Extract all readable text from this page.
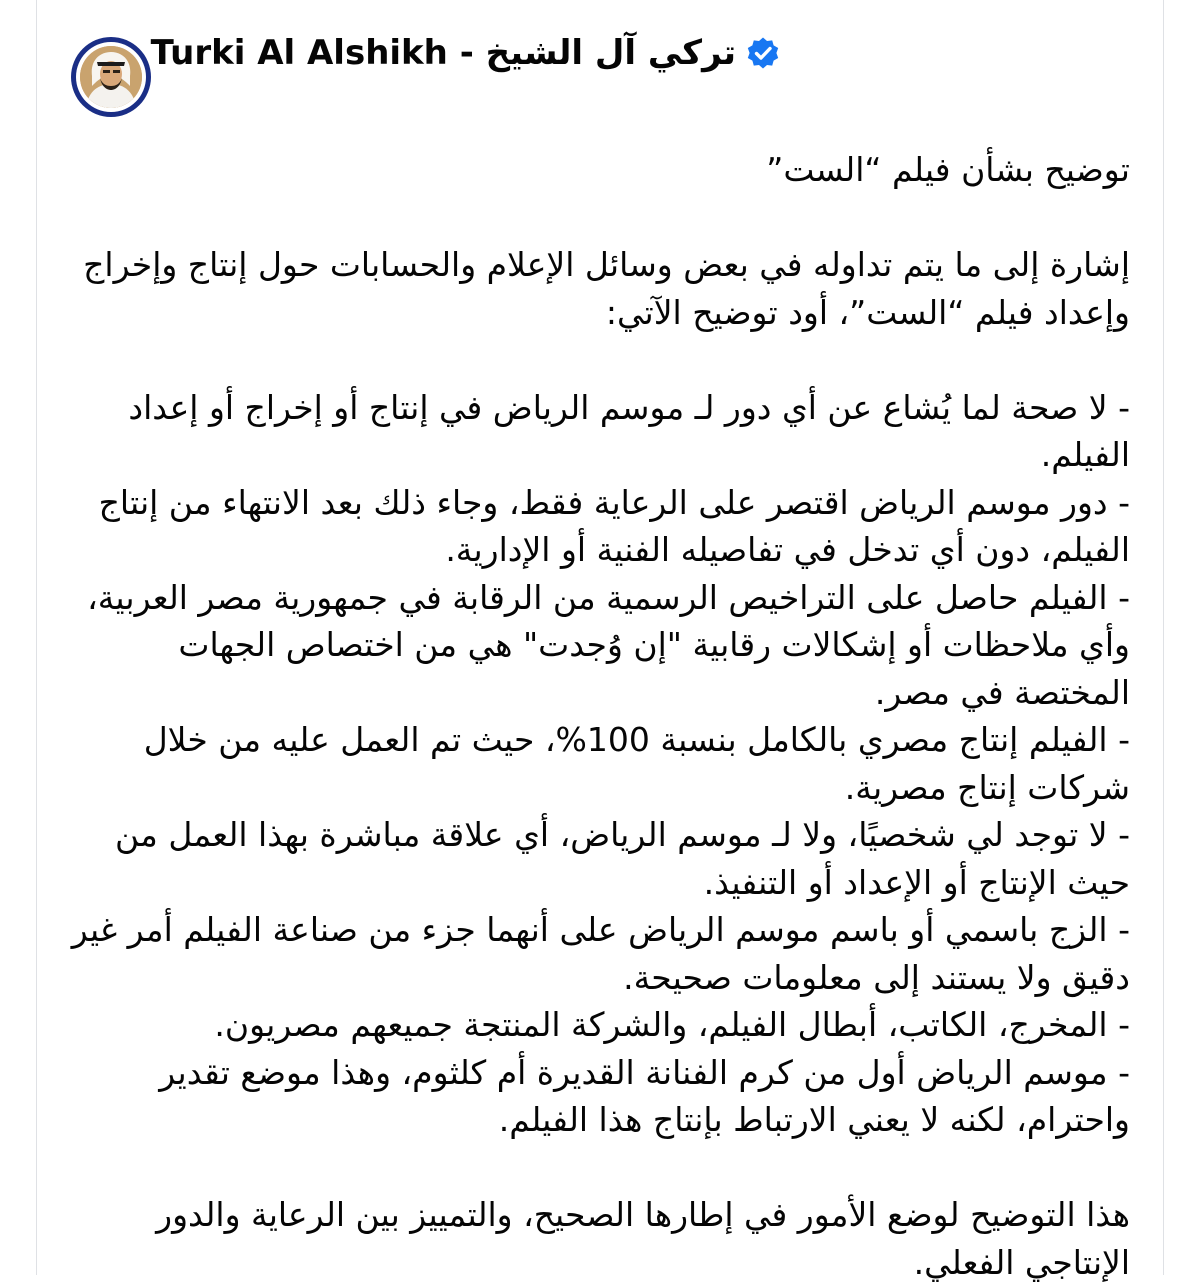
Turki Al Alshikh - تركي آل الشيخ

توضيح بشأن فيلم “الست”

إشارة إلى ما يتم تداوله في بعض وسائل الإعلام والحسابات حول إنتاج وإخراج وإعداد فيلم “الست”، أود توضيح الآتي:

- لا صحة لما يُشاع عن أي دور لـ موسم الرياض في إنتاج أو إخراج أو إعداد الفيلم.

- دور موسم الرياض اقتصر على الرعاية فقط، وجاء ذلك بعد الانتهاء من إنتاج الفيلم، دون أي تدخل في تفاصيله الفنية أو الإدارية.

- الفيلم حاصل على التراخيص الرسمية من الرقابة في جمهورية مصر العربية، وأي ملاحظات أو إشكالات رقابية "إن وُجدت" هي من اختصاص الجهات المختصة في مصر.

- الفيلم إنتاج مصري بالكامل بنسبة 100%، حيث تم العمل عليه من خلال شركات إنتاج مصرية.

- لا توجد لي شخصيًا، ولا لـ موسم الرياض، أي علاقة مباشرة بهذا العمل من حيث الإنتاج أو الإعداد أو التنفيذ.

- الزج باسمي أو باسم موسم الرياض على أنهما جزء من صناعة الفيلم أمر غير دقيق ولا يستند إلى معلومات صحيحة.

- المخرج، الكاتب، أبطال الفيلم، والشركة المنتجة جميعهم مصريون.

- موسم الرياض أول من كرم الفنانة القديرة أم كلثوم، وهذا موضع تقدير واحترام، لكنه لا يعني الارتباط بإنتاج هذا الفيلم.

هذا التوضيح لوضع الأمور في إطارها الصحيح، والتمييز بين الرعاية والدور الإنتاجي الفعلي.
